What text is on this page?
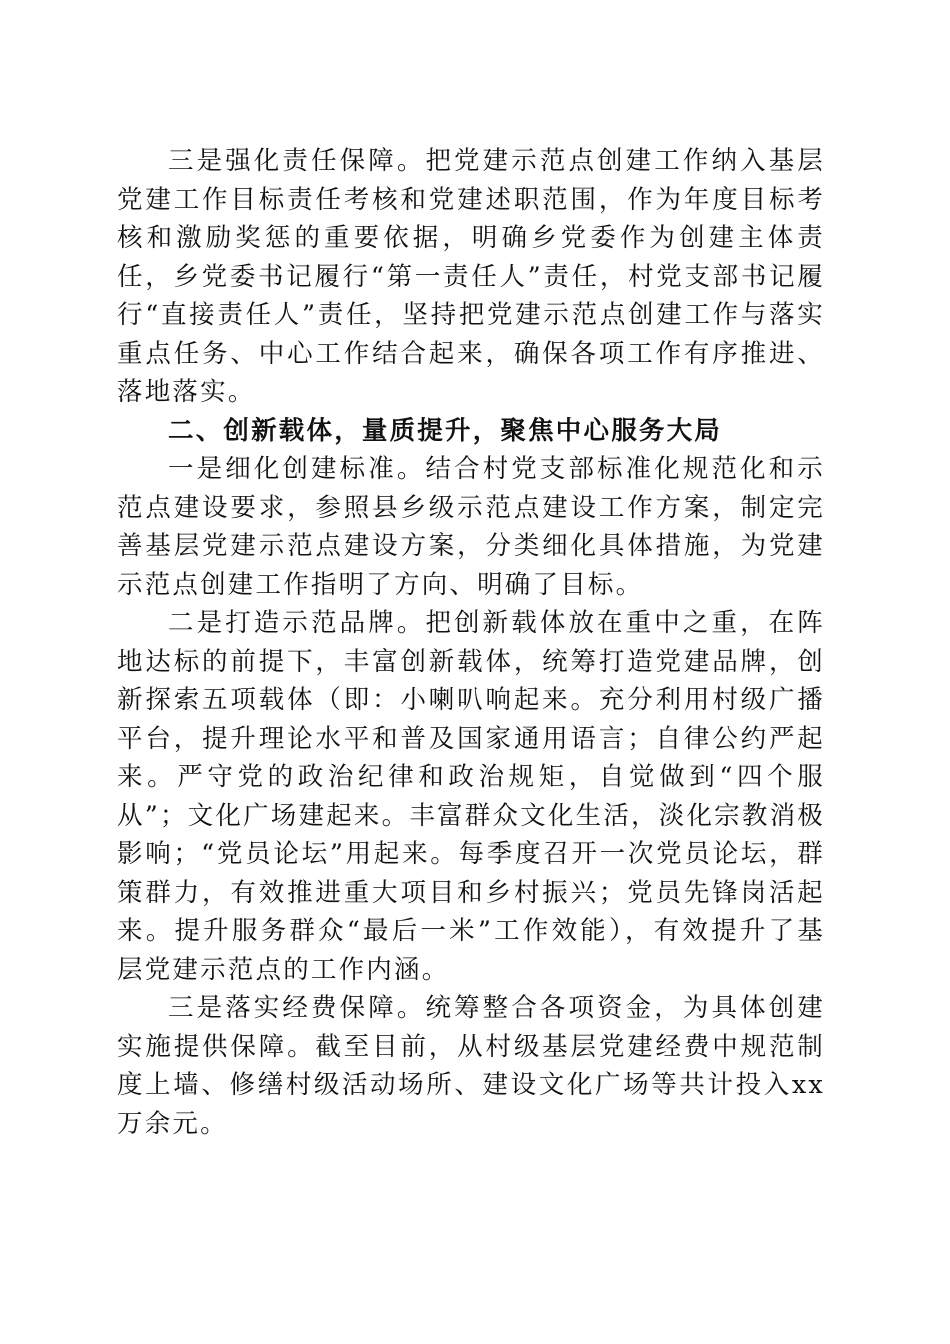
三是强化责任保障。把党建示范点创建工作纳入基层党建工作目标责任考核和党建述职范围，作为年度目标考核和激励奖惩的重要依据，明确乡党委作为创建主体责任，乡党委书记履行“第一责任人”责任，村党支部书记履行“直接责任人”责任，坚持把党建示范点创建工作与落实重点任务、中心工作结合起来，确保各项工作有序推进、落地落实。

二、创新载体，量质提升，聚焦中心服务大局

一是细化创建标准。结合村党支部标准化规范化和示范点建设要求，参照县乡级示范点建设工作方案，制定完善基层党建示范点建设方案，分类细化具体措施，为党建示范点创建工作指明了方向、明确了目标。

二是打造示范品牌。把创新载体放在重中之重，在阵地达标的前提下，丰富创新载体，统筹打造党建品牌，创新探索五项载体（即：小喇叭响起来。充分利用村级广播平台，提升理论水平和普及国家通用语言；自律公约严起来。严守党的政治纪律和政治规矩，自觉做到“四个服从”；文化广场建起来。丰富群众文化生活，淡化宗教消极影响；“党员论坛”用起来。每季度召开一次党员论坛，群策群力，有效推进重大项目和乡村振兴；党员先锋岗活起来。提升服务群众“最后一米”工作效能），有效提升了基层党建示范点的工作内涵。

三是落实经费保障。统筹整合各项资金，为具体创建实施提供保障。截至目前，从村级基层党建经费中规范制度上墙、修缮村级活动场所、建设文化广场等共计投入xx万余元。
